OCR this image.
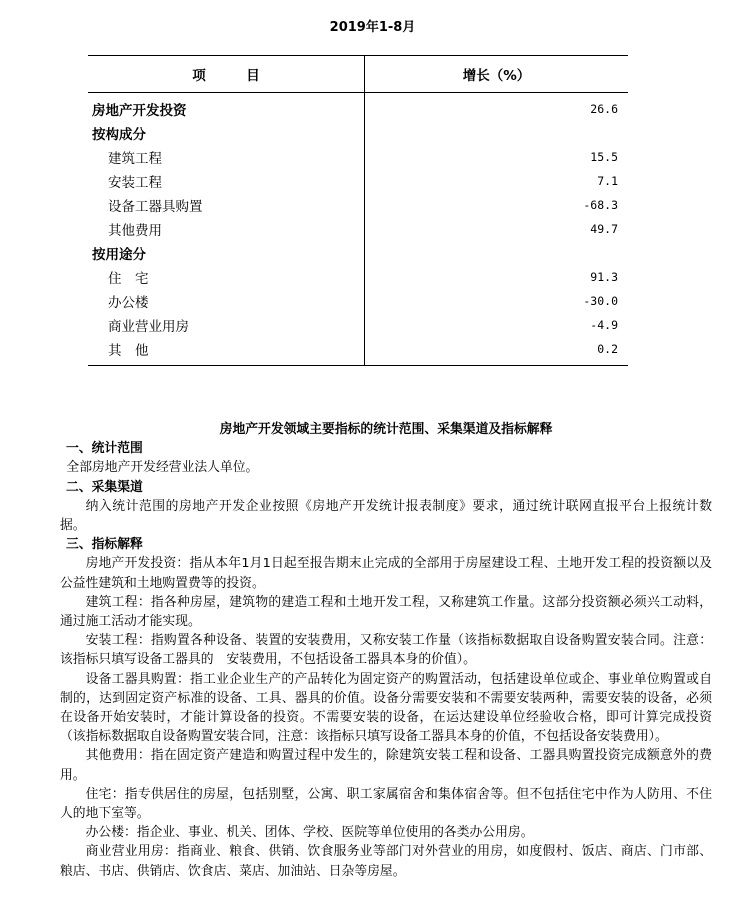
2019年1-8月
项　　　目	增长（%）
房地产开发投资	26.6
按构成分	
建筑工程	15.5
安装工程	7.1
设备工器具购置	-68.3
其他费用	49.7
按用途分	
住　宅	91.3
办公楼	-30.0
商业营业用房	-4.9
其　他	0.2
房地产开发领域主要指标的统计范围、采集渠道及指标解释
一、统计范围

全部房地产开发经营业法人单位。

二、采集渠道

纳入统计范围的房地产开发企业按照《房地产开发统计报表制度》要求，通过统计联网直报平台上报统计数据。

三、指标解释

房地产开发投资：指从本年1月1日起至报告期末止完成的全部用于房屋建设工程、土地开发工程的投资额以及公益性建筑和土地购置费等的投资。

建筑工程：指各种房屋，建筑物的建造工程和土地开发工程，又称建筑工作量。这部分投资额必须兴工动料，通过施工活动才能实现。

安装工程：指购置各种设备、装置的安装费用，又称安装工作量（该指标数据取自设备购置安装合同。注意：该指标只填写设备工器具的　安装费用，不包括设备工器具本身的价值）。

设备工器具购置：指工业企业生产的产品转化为固定资产的购置活动，包括建设单位或企、事业单位购置或自制的，达到固定资产标准的设备、工具、器具的价值。设备分需要安装和不需要安装两种，需要安装的设备，必须在设备开始安装时，才能计算设备的投资。不需要安装的设备，在运达建设单位经验收合格，即可计算完成投资（该指标数据取自设备购置安装合同，注意：该指标只填写设备工器具本身的价值，不包括设备安装费用）。

其他费用：指在固定资产建造和购置过程中发生的，除建筑安装工程和设备、工器具购置投资完成额意外的费用。

住宅：指专供居住的房屋，包括别墅，公寓、职工家属宿舍和集体宿舍等。但不包括住宅中作为人防用、不住人的地下室等。

办公楼：指企业、事业、机关、团体、学校、医院等单位使用的各类办公用房。

商业营业用房：指商业、粮食、供销、饮食服务业等部门对外营业的用房，如度假村、饭店、商店、门市部、粮店、书店、供销店、饮食店、菜店、加油站、日杂等房屋。
